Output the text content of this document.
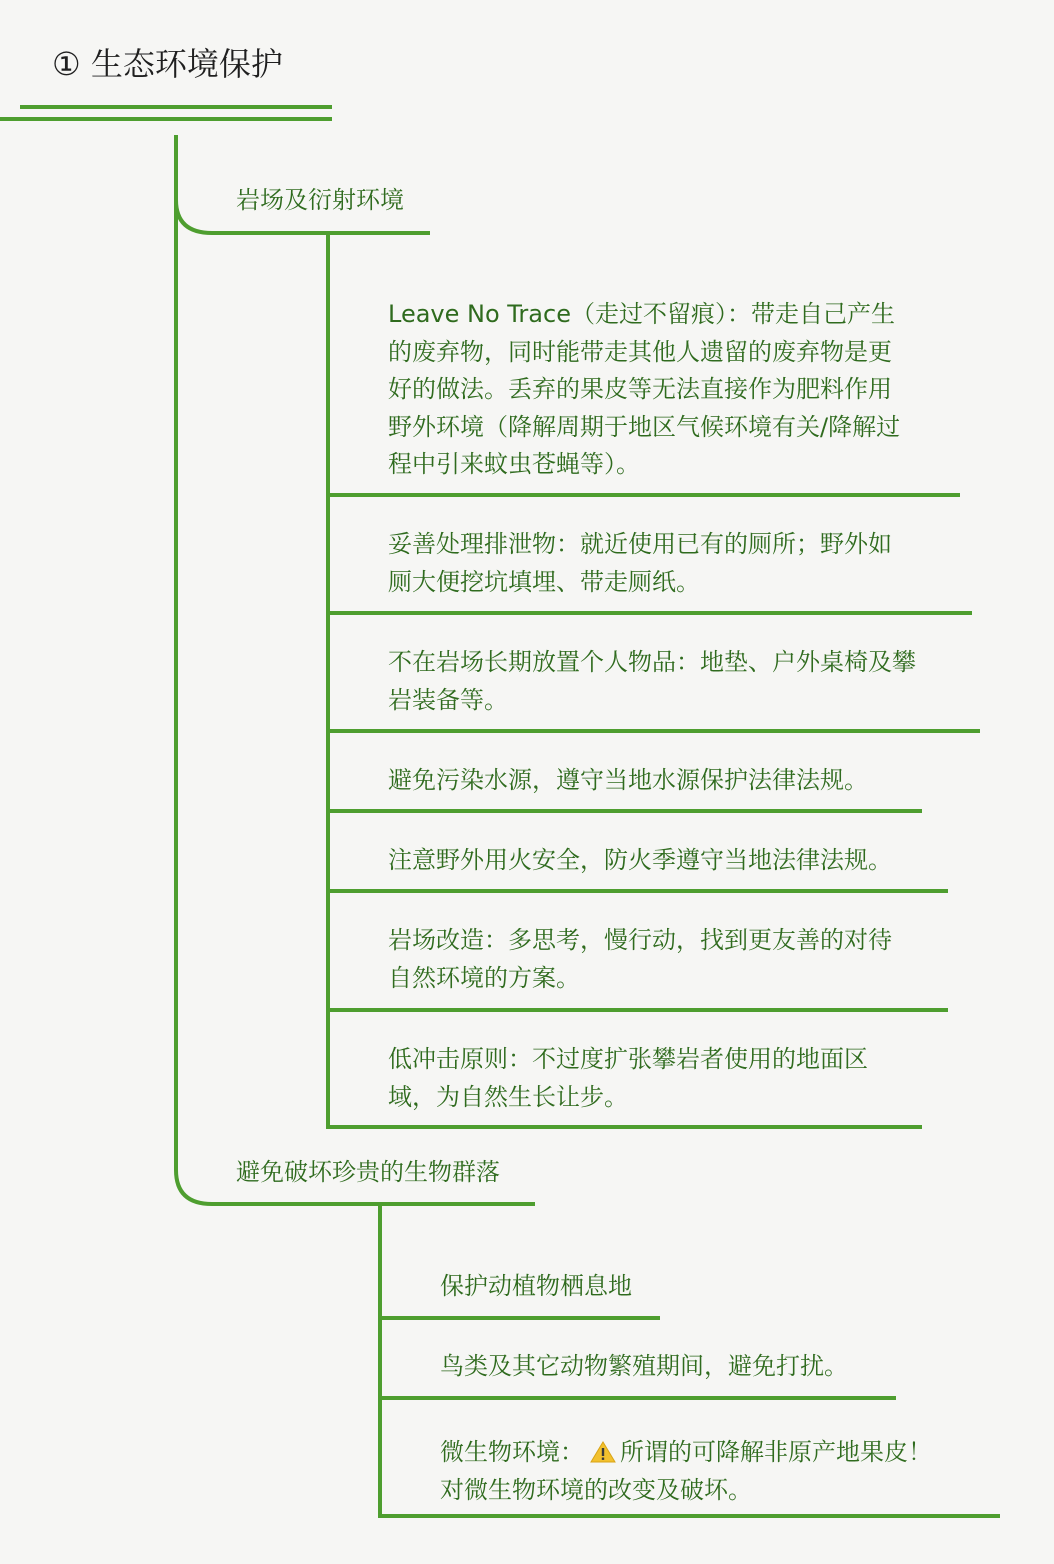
① 生态环境保护
岩场及衍射环境
Leave No Trace（走过不留痕）：带走自己产生
的废弃物，同时能带走其他人遗留的废弃物是更
好的做法。丢弃的果皮等无法直接作为肥料作用
野外环境（降解周期于地区气候环境有关/降解过
程中引来蚊虫苍蝇等）。
妥善处理排泄物：就近使用已有的厕所；野外如
厕大便挖坑填埋、带走厕纸。
不在岩场长期放置个人物品：地垫、户外桌椅及攀
岩装备等。
避免污染水源，遵守当地水源保护法律法规。
注意野外用火安全，防火季遵守当地法律法规。
岩场改造：多思考，慢行动，找到更友善的对待
自然环境的方案。
低冲击原则：不过度扩张攀岩者使用的地面区
域，为自然生长让步。
避免破坏珍贵的生物群落
保护动植物栖息地
鸟类及其它动物繁殖期间，避免打扰。
微生物环境： 所谓的可降解非原产地果皮！
对微生物环境的改变及破坏。
